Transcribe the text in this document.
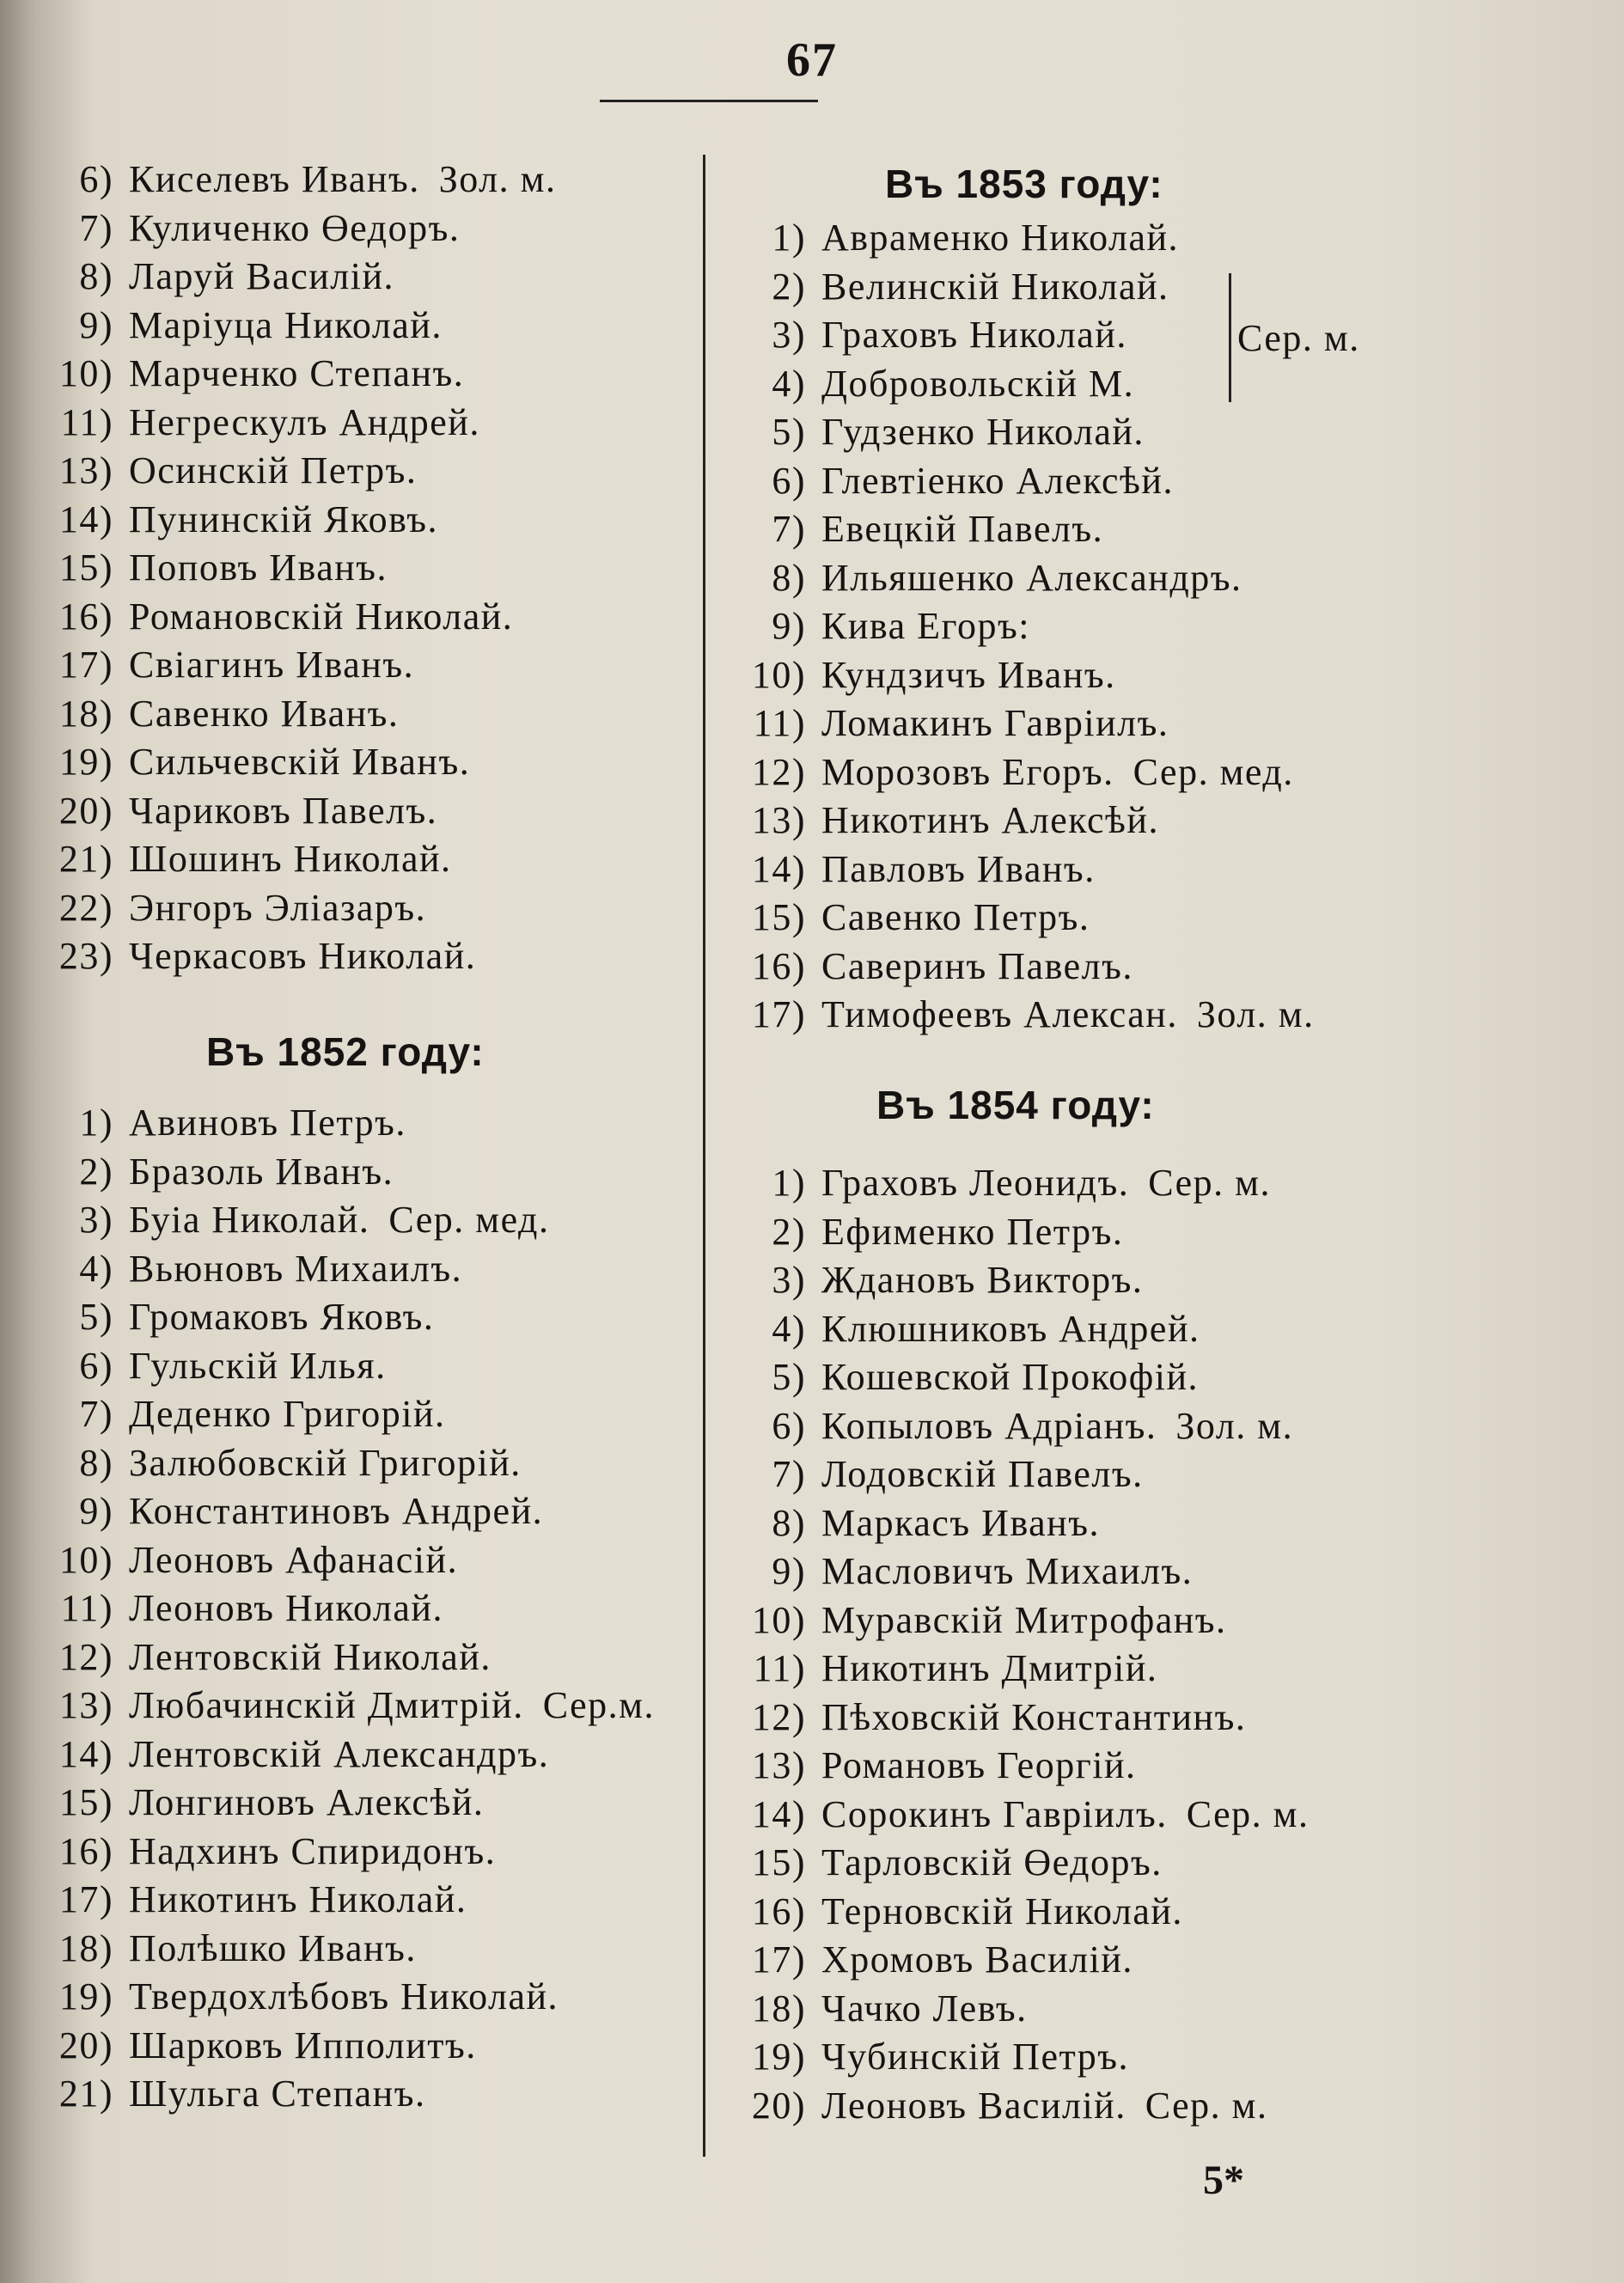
67
6) Киселевъ Иванъ. Зол. м.
7) Куличенко Өедоръ.
8) Ларуй Василій.
9) Маріуца Николай.
10) Марченко Степанъ.
11) Негрескулъ Андрей.
13) Осинскій Петръ.
14) Пунинскій Яковъ.
15) Поповъ Иванъ.
16) Романовскій Николай.
17) Свіагинъ Иванъ.
18) Савенко Иванъ.
19) Сильчевскій Иванъ.
20) Чариковъ Павелъ.
21) Шошинъ Николай.
22) Энгоръ Эліазаръ.
23) Черкасовъ Николай.
Въ 1852 году:
1) Авиновъ Петръ.
2) Бразоль Иванъ.
3) Буіа Николай. Сер. мед.
4) Вьюновъ Михаилъ.
5) Громаковъ Яковъ.
6) Гульскій Илья.
7) Деденко Григорій.
8) Залюбовскій Григорій.
9) Константиновъ Андрей.
10) Леоновъ Афанасій.
11) Леоновъ Николай.
12) Лентовскій Николай.
13) Любачинскій Дмитрій. Сер.м.
14) Лентовскій Александръ.
15) Лонгиновъ Алексѣй.
16) Надхинъ Спиридонъ.
17) Никотинъ Николай.
18) Полѣшко Иванъ.
19) Твердохлѣбовъ Николай.
20) Шарковъ Ипполитъ.
21) Шульга Степанъ.
Въ 1853 году:
1) Авраменко Николай.
2) Велинскій Николай.
3) Граховъ Николай.
4) Добровольскій М.
5) Гудзенко Николай.
6) Глевтіенко Алексѣй.
7) Евецкій Павелъ.
8) Ильяшенко Александръ.
9) Кива Егоръ:
10) Кундзичъ Иванъ.
11) Ломакинъ Гавріилъ.
12) Морозовъ Егоръ. Сер. мед.
13) Никотинъ Алексѣй.
14) Павловъ Иванъ.
15) Савенко Петръ.
16) Саверинъ Павелъ.
17) Тимофеевъ Алексан. Зол. м.
Въ 1854 году:
1) Граховъ Леонидъ. Сер. м.
2) Ефименко Петръ.
3) Ждановъ Викторъ.
4) Клюшниковъ Андрей.
5) Кошевской Прокофій.
6) Копыловъ Адріанъ. Зол. м.
7) Лодовскій Павелъ.
8) Маркасъ Иванъ.
9) Масловичъ Михаилъ.
10) Муравскій Митрофанъ.
11) Никотинъ Дмитрій.
12) Пѣховскій Константинъ.
13) Романовъ Георгій.
14) Сорокинъ Гавріилъ. Сер. м.
15) Тарловскій Өедоръ.
16) Терновскій Николай.
17) Хромовъ Василій.
18) Чачко Левъ.
19) Чубинскій Петръ.
20) Леоновъ Василій. Сер. м.
Сер. м.
5*
